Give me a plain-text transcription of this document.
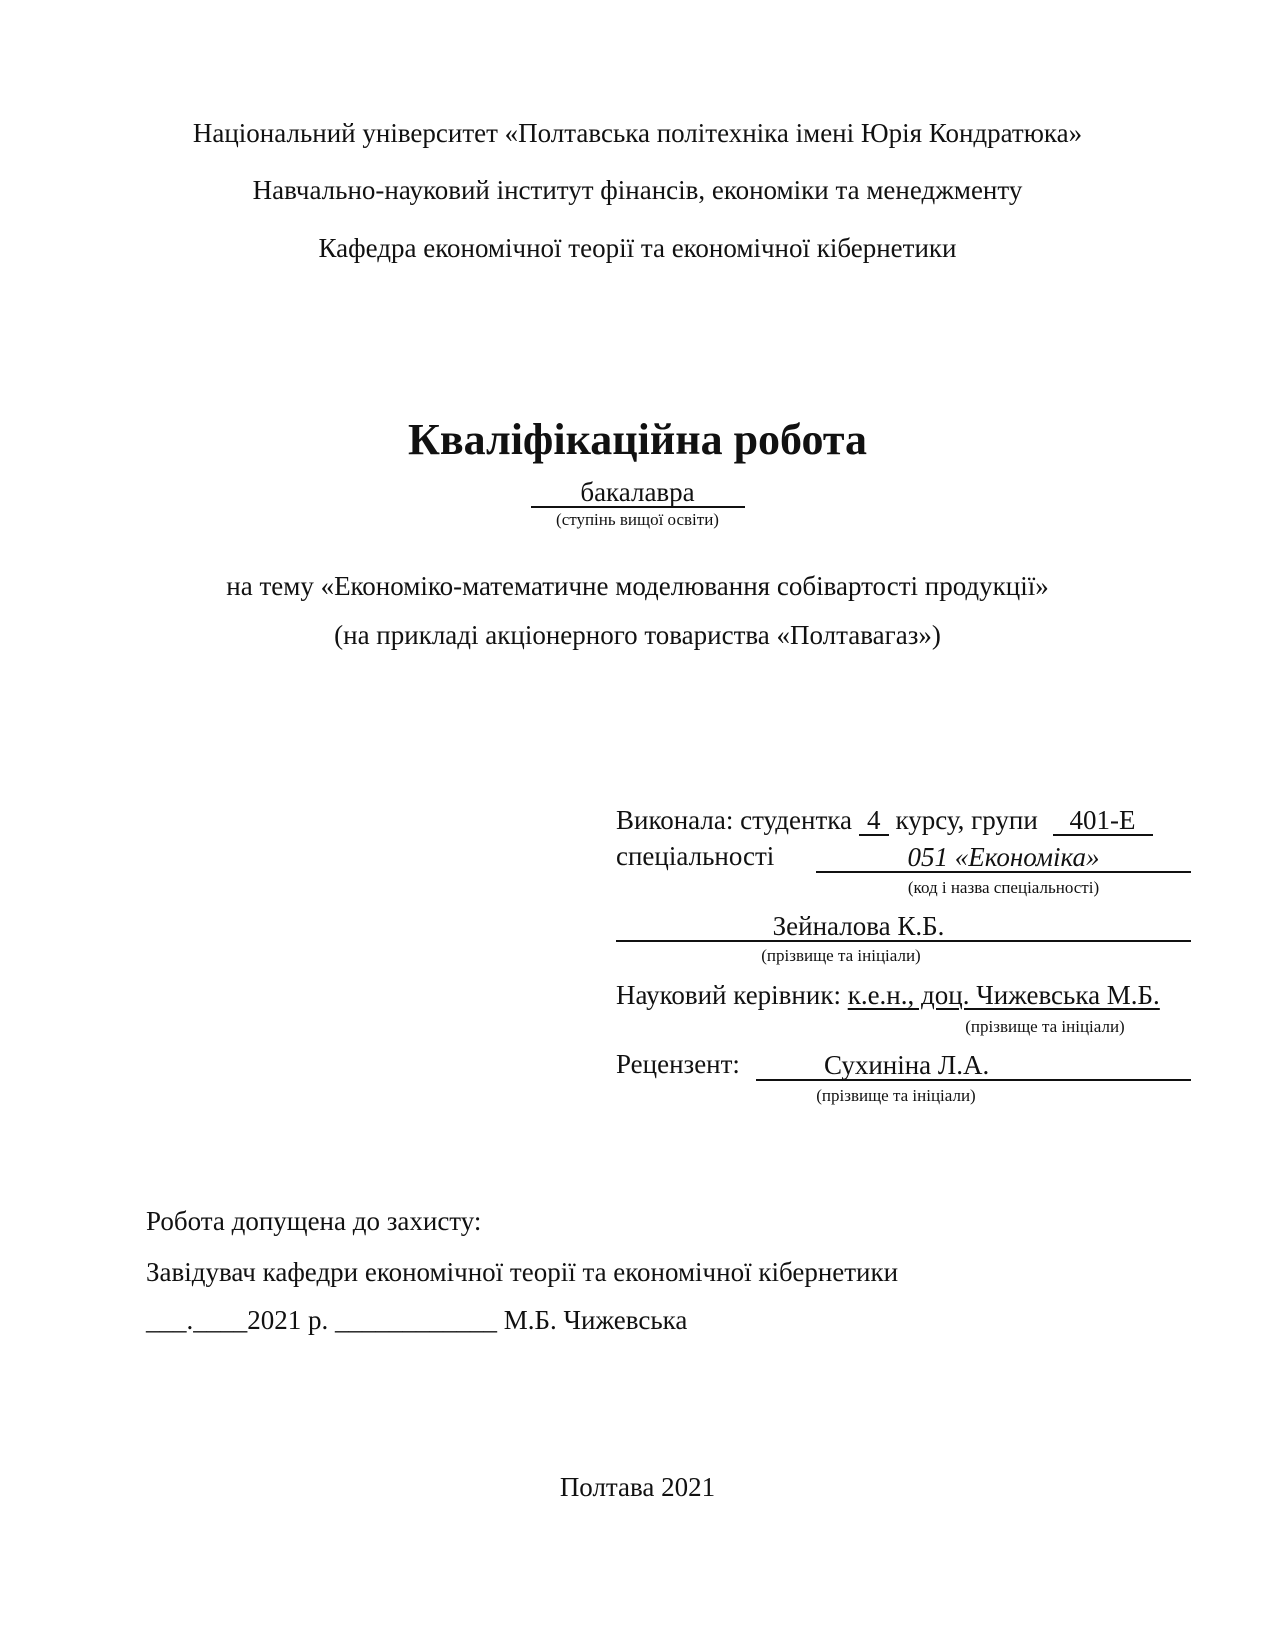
Національний університет «Полтавська політехніка імені Юрія Кондратюка»
Навчально-науковий інститут фінансів, економіки та менеджменту
Кафедра економічної теорії та економічної кібернетики
Кваліфікаційна робота
бакалавра
(ступінь вищої освіти)
на тему «Економіко-математичне моделювання собівартості продукції»
(на прикладі акціонерного товариства «Полтавагаз»)
Виконала: студентка 4 курсу, групи 401-Е
спеціальності	051 «Економіка»
(код і назва спеціальності)
Зейналова К.Б.
(прізвище та ініціали)
Науковий керівник: к.е.н., доц. Чижевська М.Б.
(прізвище та ініціали)
Рецензент:	Сухиніна Л.А.
(прізвище та ініціали)
Робота допущена до захисту:
Завідувач кафедри економічної теорії та економічної кібернетики
___.____2021 р. ____________ М.Б. Чижевська
Полтава 2021
